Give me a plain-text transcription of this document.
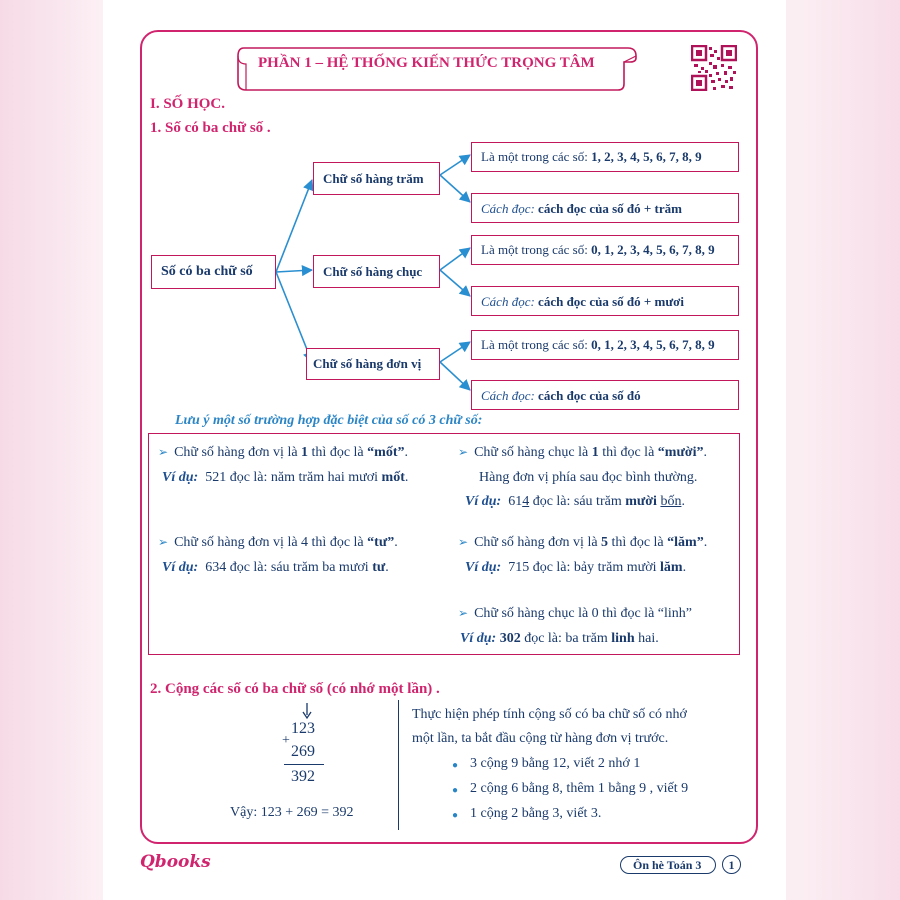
PHẦN 1 – HỆ THỐNG KIẾN THỨC TRỌNG TÂM
I. SỐ HỌC.
1. Số có ba chữ số .
Số có ba chữ số
Chữ số hàng trăm
Chữ số hàng chục
Chữ số hàng đơn vị
Là một trong các số: 1, 2, 3, 4, 5, 6, 7, 8, 9
Cách đọc: cách đọc của số đó + trăm
Là một trong các số: 0, 1, 2, 3, 4, 5, 6, 7, 8, 9
Cách đọc: cách đọc của số đó + mươi
Là một trong các số: 0, 1, 2, 3, 4, 5, 6, 7, 8, 9
Cách đọc: cách đọc của số đó
Lưu ý một số trường hợp đặc biệt của số có 3 chữ số:
➢ Chữ số hàng đơn vị là 1 thì đọc là “mốt”.
Ví dụ: 521 đọc là: năm trăm hai mươi mốt.
➢ Chữ số hàng đơn vị là 4 thì đọc là “tư”.
Ví dụ: 634 đọc là: sáu trăm ba mươi tư.
➢ Chữ số hàng chục là 1 thì đọc là “mười”.
Hàng đơn vị phía sau đọc bình thường.
Ví dụ: 614 đọc là: sáu trăm mười bốn.
➢ Chữ số hàng đơn vị là 5 thì đọc là “lăm”.
Ví dụ: 715 đọc là: bảy trăm mười lăm.
➢ Chữ số hàng chục là 0 thì đọc là “linh”
Ví dụ: 302 đọc là: ba trăm linh hai.
2. Cộng các số có ba chữ số (có nhớ một lần) .
123
+
269
392
Vậy: 123 + 269 = 392
Thực hiện phép tính cộng số có ba chữ số có nhớ
một lần, ta bắt đầu cộng từ hàng đơn vị trước.
● 3 cộng 9 bằng 12, viết 2 nhớ 1
● 2 cộng 6 bằng 8, thêm 1 bằng 9 , viết 9
● 1 cộng 2 bằng 3, viết 3.
Qbooks	Ôn hè Toán 3	1
